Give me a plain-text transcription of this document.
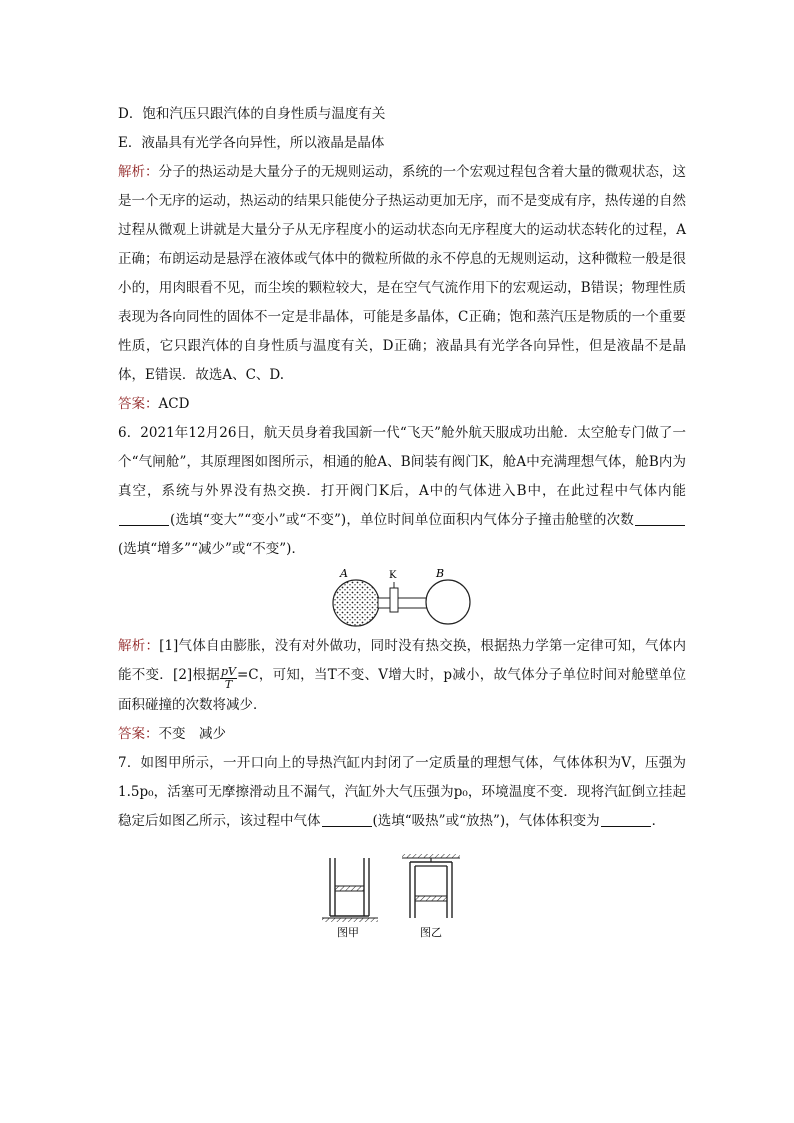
D．饱和汽压只跟汽体的自身性质与温度有关

E．液晶具有光学各向异性，所以液晶是晶体

解析：分子的热运动是大量分子的无规则运动，系统的一个宏观过程包含着大量的微观状态，这是一个无序的运动，热运动的结果只能使分子热运动更加无序，而不是变成有序，热传递的自然过程从微观上讲就是大量分子从无序程度小的运动状态向无序程度大的运动状态转化的过程，A正确；布朗运动是悬浮在液体或气体中的微粒所做的永不停息的无规则运动，这种微粒一般是很小的，用肉眼看不见，而尘埃的颗粒较大，是在空气气流作用下的宏观运动，B错误；物理性质表现为各向同性的固体不一定是非晶体，可能是多晶体，C正确；饱和蒸汽压是物质的一个重要性质，它只跟汽体的自身性质与温度有关，D正确；液晶具有光学各向异性，但是液晶不是晶体，E错误．故选A、C、D.

答案：ACD

6．2021年12月26日，航天员身着我国新一代“飞天”舱外航天服成功出舱．太空舱专门做了一个“气闸舱”，其原理图如图所示，相通的舱A、B间装有阀门K，舱A中充满理想气体，舱B内为真空，系统与外界没有热交换．打开阀门K后，A中的气体进入B中，在此过程中气体内能(选填“变大”“变小”或“不变”)，单位时间单位面积内气体分子撞击舱壁的次数(选填“增多”“减少”或“不变”)．

A	K	B

解析：[1]气体自由膨胀，没有对外做功，同时没有热交换，根据热力学第一定律可知，气体内能不变．[2]根据 $\frac{pV}{T} =C$，可知，当T不变、V增大时，p减小，故气体分子单位时间对舱壁单位面积碰撞的次数将减少．

答案：不变　减少

7．如图甲所示，一开口向上的导热汽缸内封闭了一定质量的理想气体，气体体积为V，压强为1.5p₀，活塞可无摩擦滑动且不漏气，汽缸外大气压强为p₀，环境温度不变．现将汽缸倒立挂起稳定后如图乙所示，该过程中气体	(选填“吸热”或“放热”)，气体体积变为	．

图甲	图乙
